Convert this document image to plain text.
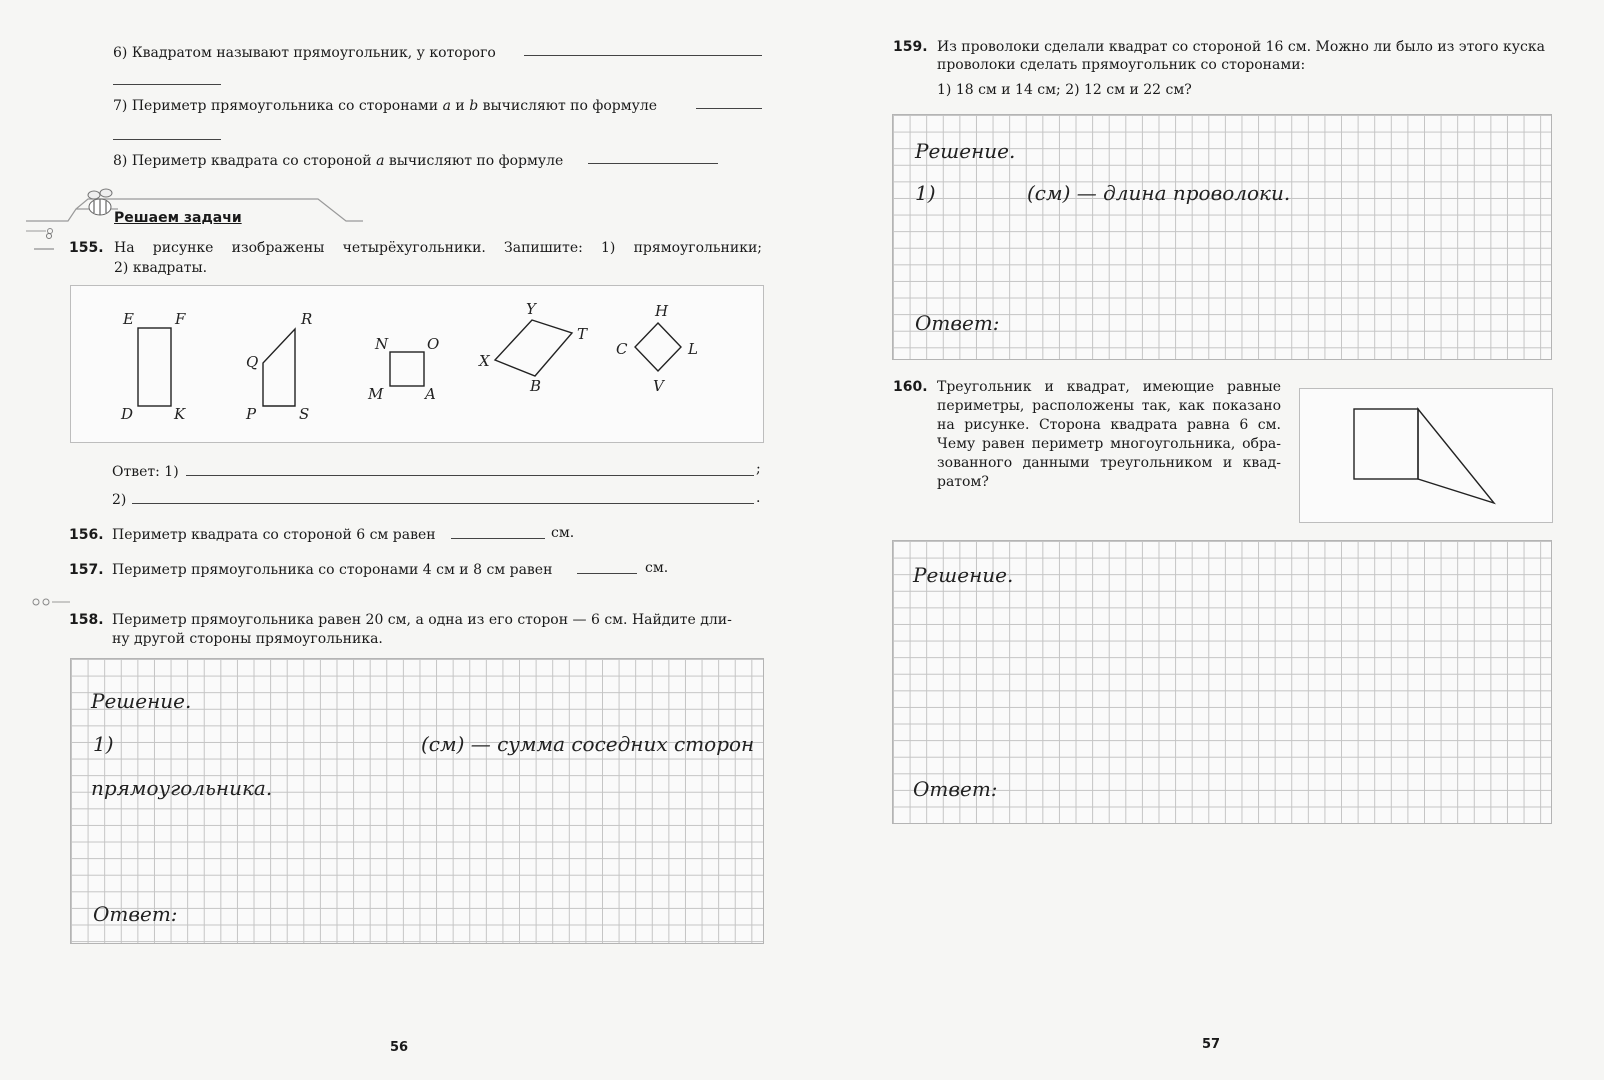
6) Квадратом называют прямоугольник, у которого
7) Периметр прямоугольника со сторонами a и b вычисляют по формуле
8) Периметр квадрата со стороной a вычисляют по формуле
Решаем задачи
155. На рисунке изображены четырёхугольники. Запишите: 1) прямоугольники;
2) квадраты.
E	F
D	K
R
Q
P	S
N	O
M	A
Y
T
X
B
H
C	L
V
Ответ: 1)	;
2)	.
156. Периметр квадрата со стороной 6 см равен	см.
157. Периметр прямоугольника со сторонами 4 см и 8 см равен	см.
158. Периметр прямоугольника равен 20 см, а одна из его сторон — 6 см. Найдите дли-
ну другой стороны прямоугольника.
Решение.
1)	(см) — сумма соседних сторон
прямоугольника.
Ответ:
56
159. Из проволоки сделали квадрат со стороной 16 см. Можно ли было из этого куска
проволоки сделать прямоугольник со сторонами:
1) 18 см и 14 см; 2) 12 см и 22 см?
Решение.
1)	(см) — длина проволоки.
Ответ:
160. Треугольник и квадрат, имеющие равные
периметры, расположены так, как показано
на рисунке. Сторона квадрата равна 6 см.
Чему равен периметр многоугольника, обра-
зованного данными треугольником и квад-
ратом?
Решение.
Ответ:
57
